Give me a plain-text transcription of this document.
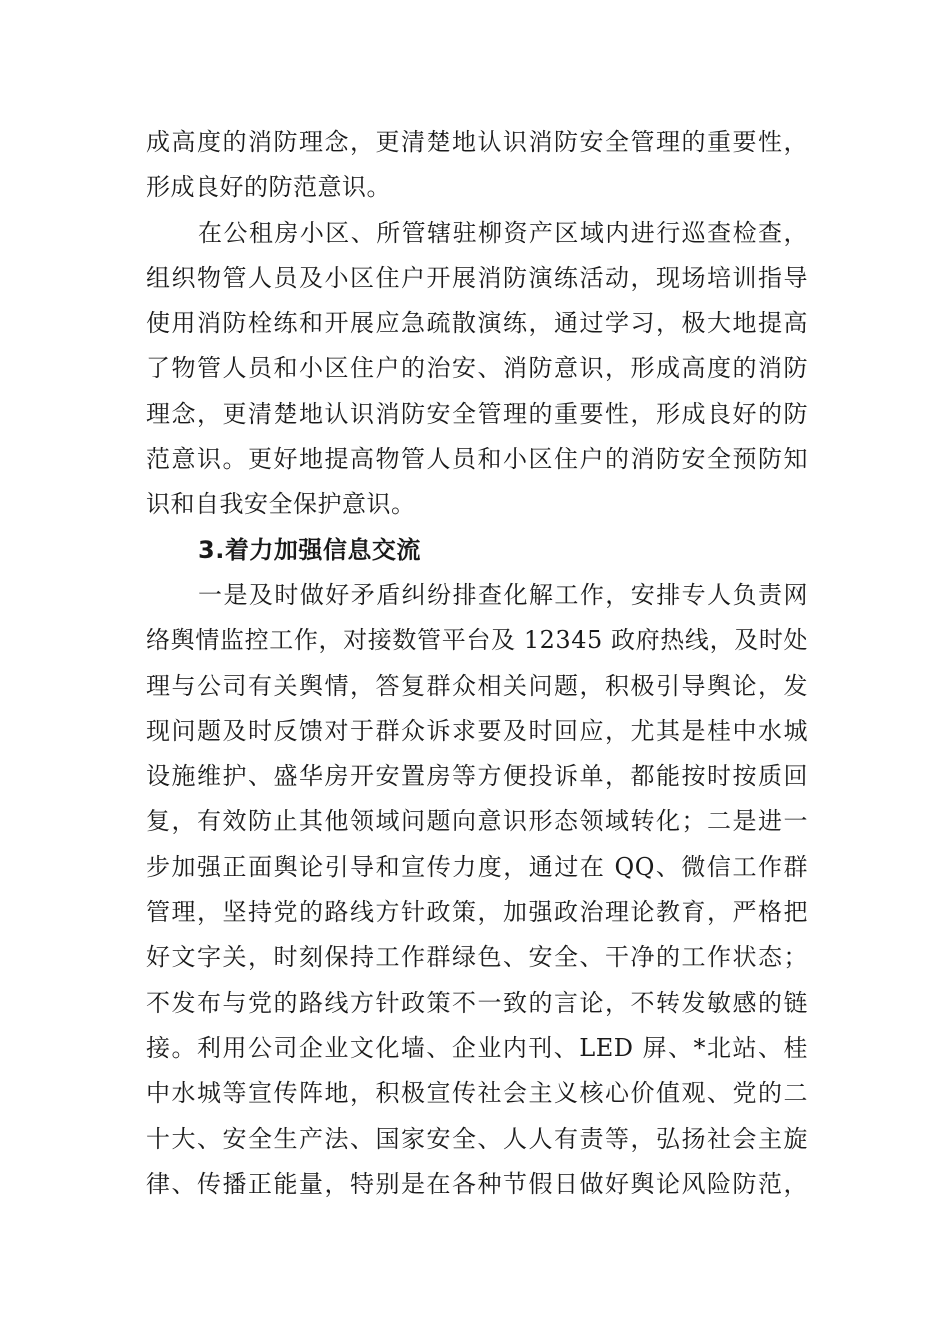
成高度的消防理念，更清楚地认识消防安全管理的重要性，
形成良好的防范意识。
在公租房小区、所管辖驻柳资产区域内进行巡查检查，
组织物管人员及小区住户开展消防演练活动，现场培训指导
使用消防栓练和开展应急疏散演练，通过学习，极大地提高
了物管人员和小区住户的治安、消防意识，形成高度的消防
理念，更清楚地认识消防安全管理的重要性，形成良好的防
范意识。更好地提高物管人员和小区住户的消防安全预防知
识和自我安全保护意识。
3.着力加强信息交流
一是及时做好矛盾纠纷排查化解工作，安排专人负责网
络舆情监控工作，对接数管平台及 12345 政府热线，及时处
理与公司有关舆情，答复群众相关问题，积极引导舆论，发
现问题及时反馈对于群众诉求要及时回应，尤其是桂中水城
设施维护、盛华房开安置房等方便投诉单，都能按时按质回
复，有效防止其他领域问题向意识形态领域转化；二是进一
步加强正面舆论引导和宣传力度，通过在 QQ、微信工作群
管理，坚持党的路线方针政策，加强政治理论教育，严格把
好文字关，时刻保持工作群绿色、安全、干净的工作状态；
不发布与党的路线方针政策不一致的言论，不转发敏感的链
接。利用公司企业文化墙、企业内刊、LED 屏、*北站、桂
中水城等宣传阵地，积极宣传社会主义核心价值观、党的二
十大、安全生产法、国家安全、人人有责等，弘扬社会主旋
律、传播正能量，特别是在各种节假日做好舆论风险防范，
